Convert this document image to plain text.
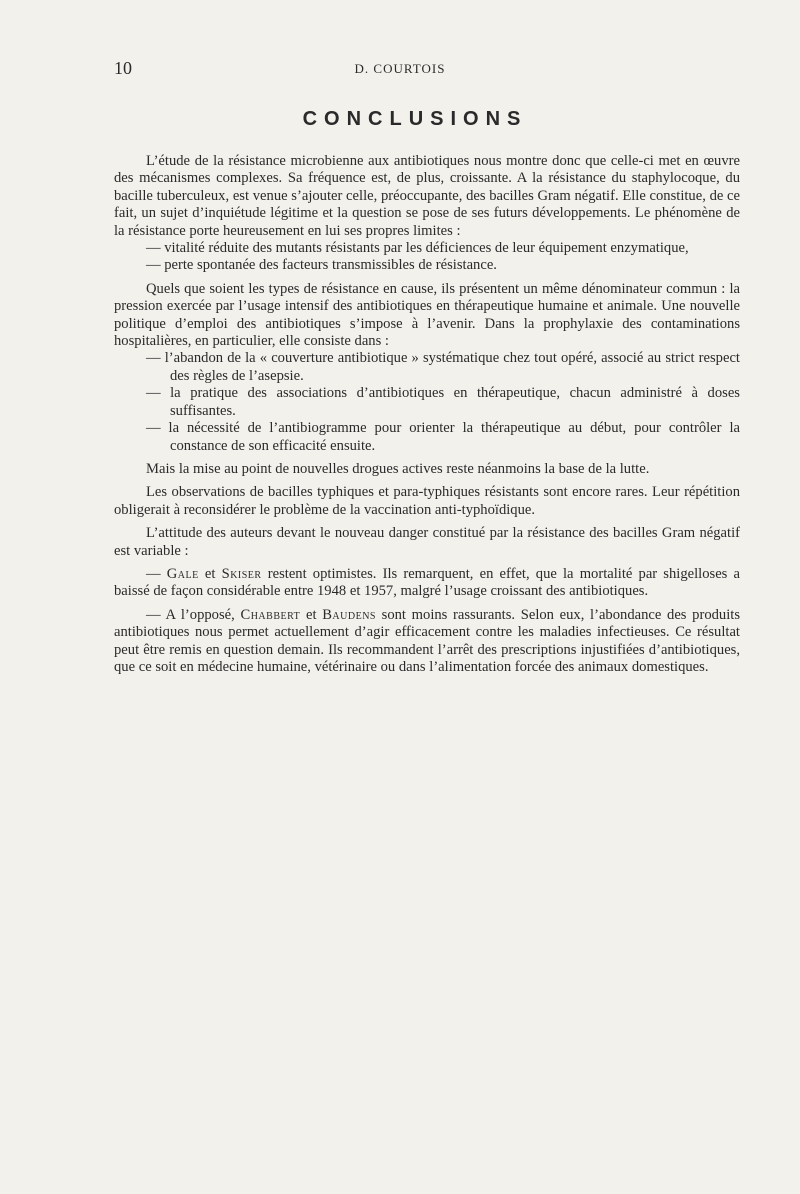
10	D. COURTOIS
CONCLUSIONS

L’étude de la résistance microbienne aux antibiotiques nous montre donc que celle-ci met en œuvre des mécanismes complexes. Sa fréquence est, de plus, croissante. A la résistance du staphylocoque, du bacille tuberculeux, est venue s’ajouter celle, préoccupante, des bacilles Gram négatif. Elle constitue, de ce fait, un sujet d’inquiétude légitime et la question se pose de ses futurs développements. Le phénomène de la résistance porte heureusement en lui ses propres limites :

— vitalité réduite des mutants résistants par les déficiences de leur équipement enzymatique,
— perte spontanée des facteurs transmissibles de résistance.

Quels que soient les types de résistance en cause, ils présentent un même dénominateur commun : la pression exercée par l’usage intensif des antibiotiques en thérapeutique humaine et animale. Une nouvelle politique d’emploi des antibiotiques s’impose à l’avenir. Dans la prophylaxie des contaminations hospitalières, en particulier, elle consiste dans :

— l’abandon de la « couverture antibiotique » systématique chez tout opéré, associé au strict respect des règles de l’asepsie.
— la pratique des associations d’antibiotiques en thérapeutique, chacun administré à doses suffisantes.
— la nécessité de l’antibiogramme pour orienter la thérapeutique au début, pour contrôler la constance de son efficacité ensuite.

Mais la mise au point de nouvelles drogues actives reste néanmoins la base de la lutte.

Les observations de bacilles typhiques et para-typhiques résistants sont encore rares. Leur répétition obligerait à reconsidérer le problème de la vaccination anti-typhoïdique.

L’attitude des auteurs devant le nouveau danger constitué par la résistance des bacilles Gram négatif est variable :

— Gale et Skiser restent optimistes. Ils remarquent, en effet, que la mortalité par shigelloses a baissé de façon considérable entre 1948 et 1957, malgré l’usage croissant des antibiotiques.

— A l’opposé, Chabbert et Baudens sont moins rassurants. Selon eux, l’abondance des produits antibiotiques nous permet actuellement d’agir efficacement contre les maladies infectieuses. Ce résultat peut être remis en question demain. Ils recommandent l’arrêt des prescriptions injustifiées d’antibiotiques, que ce soit en médecine humaine, vétérinaire ou dans l’alimentation forcée des animaux domestiques.
